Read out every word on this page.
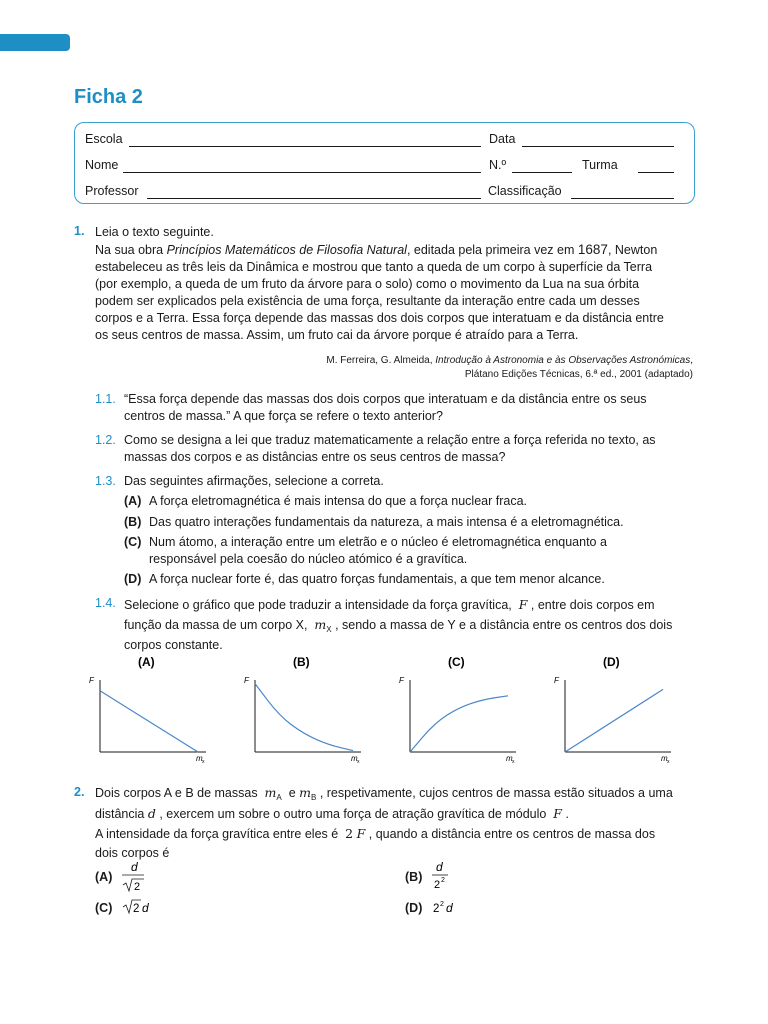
Ficha 2
Escola	Data
Nome	N.º	Turma
Professor	Classificação
1. Leia o texto seguinte.
Na sua obra Princípios Matemáticos de Filosofia Natural, editada pela primeira vez em 1687, Newton
estabeleceu as três leis da Dinâmica e mostrou que tanto a queda de um corpo à superfície da Terra
(por exemplo, a queda de um fruto da árvore para o solo) como o movimento da Lua na sua órbita
podem ser explicados pela existência de uma força, resultante da interação entre cada um desses
corpos e a Terra. Essa força depende das massas dos dois corpos que interatuam e da distância entre
os seus centros de massa. Assim, um fruto cai da árvore porque é atraído para a Terra.
M. Ferreira, G. Almeida, Introdução à Astronomia e às Observações Astronómicas,
Plátano Edições Técnicas, 6.ª ed., 2001 (adaptado)
1.1. “Essa força depende das massas dos dois corpos que interatuam e da distância entre os seus
centros de massa.” A que força se refere o texto anterior?
1.2. Como se designa a lei que traduz matematicamente a relação entre a força referida no texto, as
massas dos corpos e as distâncias entre os seus centros de massa?
1.3. Das seguintes afirmações, selecione a correta.
(A) A força eletromagnética é mais intensa do que a força nuclear fraca.
(B) Das quatro interações fundamentais da natureza, a mais intensa é a eletromagnética.
(C) Num átomo, a interação entre um eletrão e o núcleo é eletromagnética enquanto a
responsável pela coesão do núcleo atómico é a gravítica.
(D) A força nuclear forte é, das quatro forças fundamentais, a que tem menor alcance.
1.4. Selecione o gráfico que pode traduzir a intensidade da força gravítica, F , entre dois corpos em
função da massa de um corpo X, $m_X$ , sendo a massa de Y e a distância entre os centros dos dois
corpos constante.
(A)
F
m x
(B)
F
m x
(C)
F
m x
(D)
F
m x
2. Dois corpos A e B de massas $m_A$ e $m_B$ , respetivamente, cujos centros de massa estão situados a uma
distância d , exercem um sobre o outro uma força de atração gravítica de módulo F .
A intensidade da força gravítica entre eles é 2 F , quando a distância entre os centros de massa dos
dois corpos é
(A)
d
2
(B)
d
2 2
(C) 2 d	(D) 2 2 d
